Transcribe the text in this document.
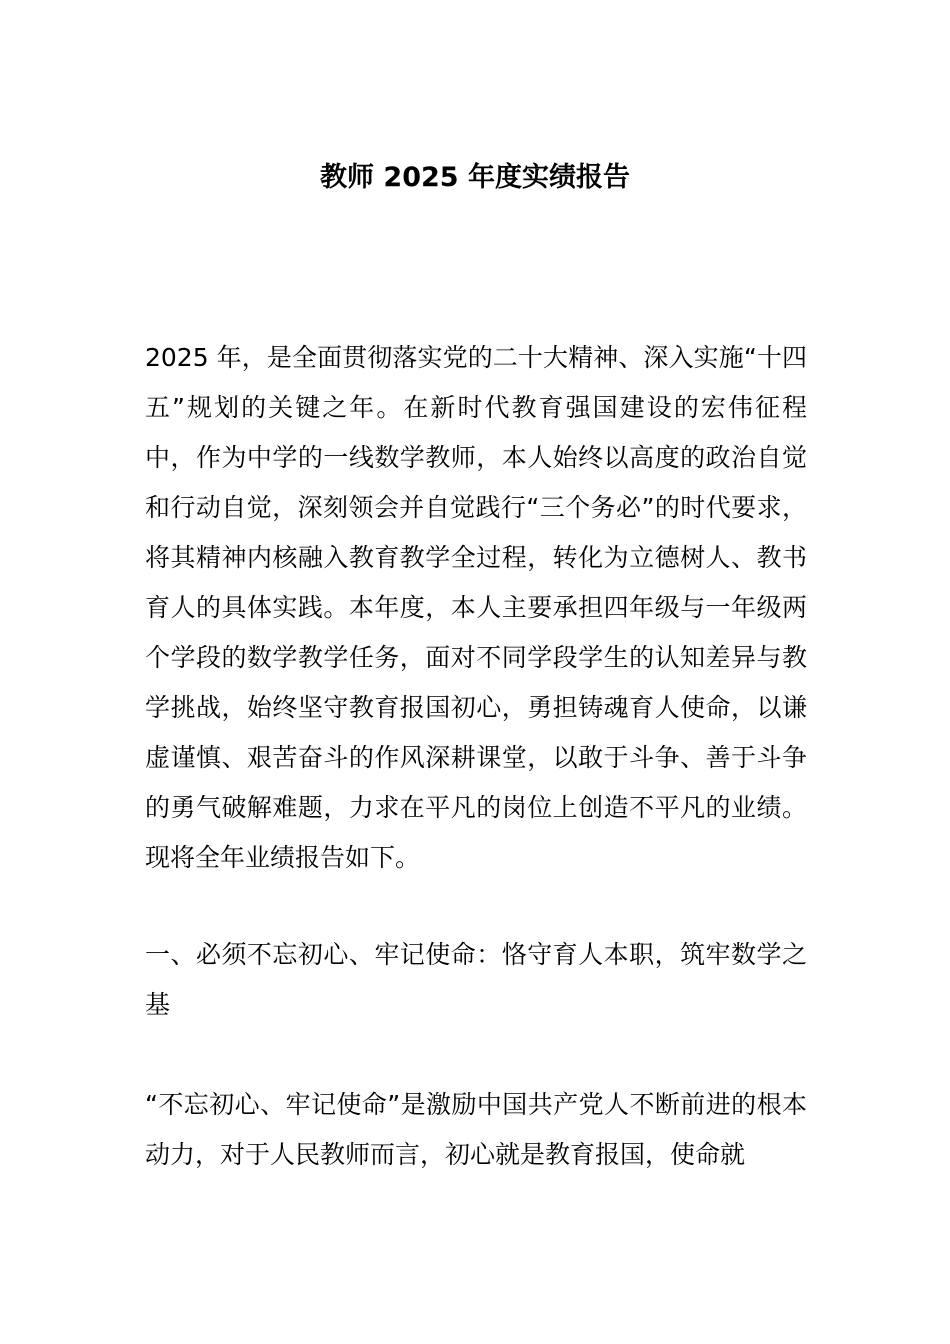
教师 2025 年度实绩报告

2025 年，是全面贯彻落实党的二十大精神、深入实施“十四五”规划的关键之年。在新时代教育强国建设的宏伟征程中，作为中学的一线数学教师，本人始终以高度的政治自觉和行动自觉，深刻领会并自觉践行“三个务必”的时代要求，将其精神内核融入教育教学全过程，转化为立德树人、教书育人的具体实践。本年度，本人主要承担四年级与一年级两个学段的数学教学任务，面对不同学段学生的认知差异与教学挑战，始终坚守教育报国初心，勇担铸魂育人使命，以谦虚谨慎、艰苦奋斗的作风深耕课堂，以敢于斗争、善于斗争的勇气破解难题，力求在平凡的岗位上创造不平凡的业绩。现将全年业绩报告如下。

一、必须不忘初心、牢记使命：恪守育人本职，筑牢数学之基

“不忘初心、牢记使命”是激励中国共产党人不断前进的根本动力，对于人民教师而言，初心就是教育报国，使命就
